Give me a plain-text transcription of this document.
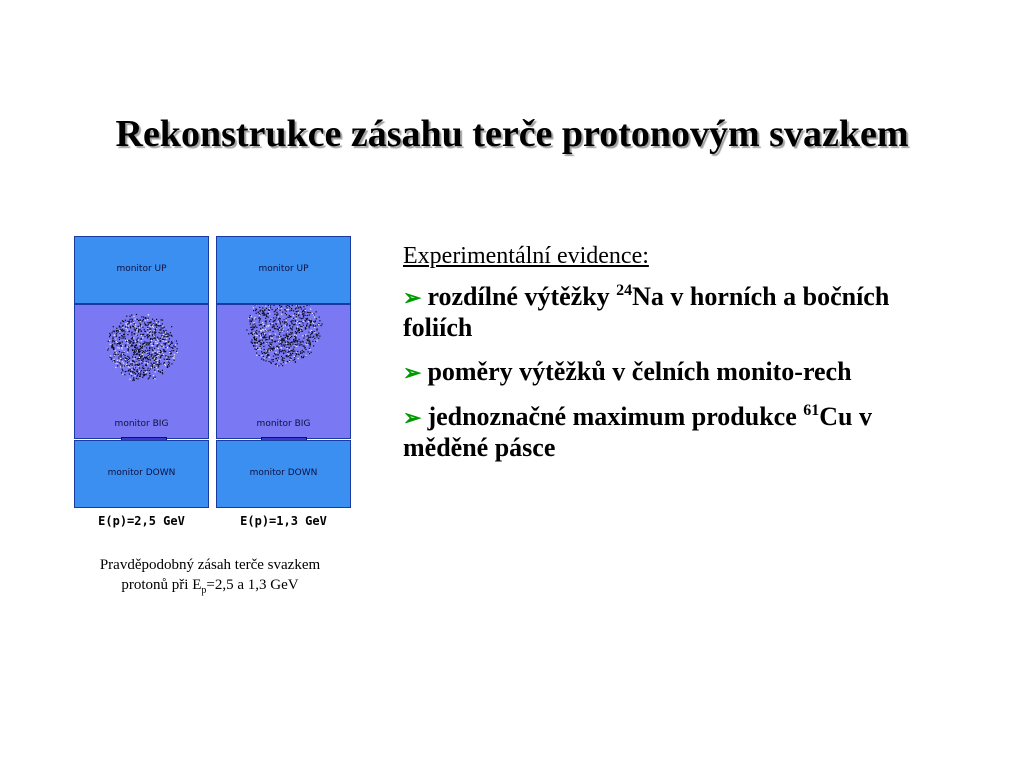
Rekonstrukce zásahu terče protonovým svazkem
monitor UP
monitor BIG
monitor DOWN
E(p)=2,5 GeV
monitor UP
monitor BIG
monitor DOWN
E(p)=1,3 GeV
Pravděpodobný zásah terče svazkem
protonů při $E_p=2,5$ a 1,3 GeV
Experimentální evidence:
➢ rozdílné výtěžky $^{24}$Na v horních a bočních foliích
➢ poměry výtěžků v čelních monito-rech
➢ jednoznačné maximum produkce $^{61}$Cu v měděné pásce
